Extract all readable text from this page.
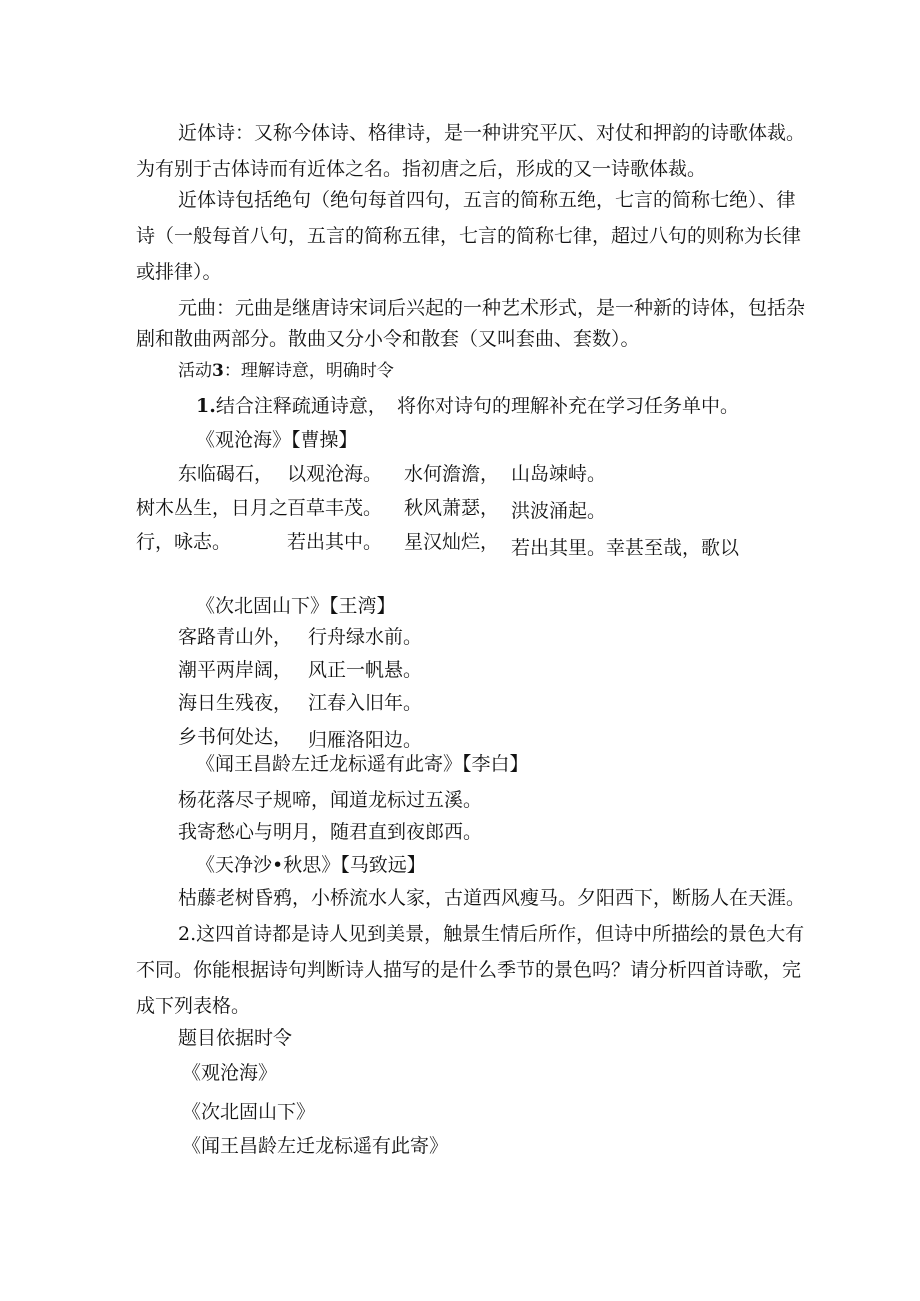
近体诗：又称今体诗、格律诗，是一种讲究平仄、对仗和押韵的诗歌体裁。
为有别于古体诗而有近体之名。指初唐之后，形成的又一诗歌体裁。
近体诗包括绝句（绝句每首四句，五言的简称五绝，七言的简称七绝）、律
诗（一般每首八句，五言的简称五律，七言的简称七律，超过八句的则称为长律
或排律）。
元曲：元曲是继唐诗宋词后兴起的一种艺术形式，是一种新的诗体，包括杂
剧和散曲两部分。散曲又分小令和散套（又叫套曲、套数）。
活动3：理解诗意，明确时令
1.结合注释疏通诗意， 将你对诗句的理解补充在学习任务单中。
《观沧海》【曹操】
东临碣石， 以观沧海。 水何澹澹， 山岛竦峙。
树木丛生，日月之
百草丰茂。 秋风萧瑟， 洪波涌起。
行，咏志。	若出其中。 星汉灿烂， 若出其里。幸甚至哉，歌以
《次北固山下》【王湾】
客路青山外， 行舟绿水前。
潮平两岸阔， 风正一帆悬。
海日生残夜， 江春入旧年。
乡书何处达， 归雁洛阳边。
《闻王昌龄左迁龙标遥有此寄》【李白】
杨花落尽子规啼，闻道龙标过五溪。
我寄愁心与明月，随君直到夜郎西。
《天净沙•秋思》【马致远】
枯藤老树昏鸦，小桥流水人家，古道西风瘦马。夕阳西下，断肠人在天涯。
2.这四首诗都是诗人见到美景，触景生情后所作，但诗中所描绘的景色大有
不同。你能根据诗句判断诗人描写的是什么季节的景色吗？请分析四首诗歌，完
成下列表格。
题目依据时令
《观沧海》
《次北固山下》
《闻王昌龄左迁龙标遥有此寄》
